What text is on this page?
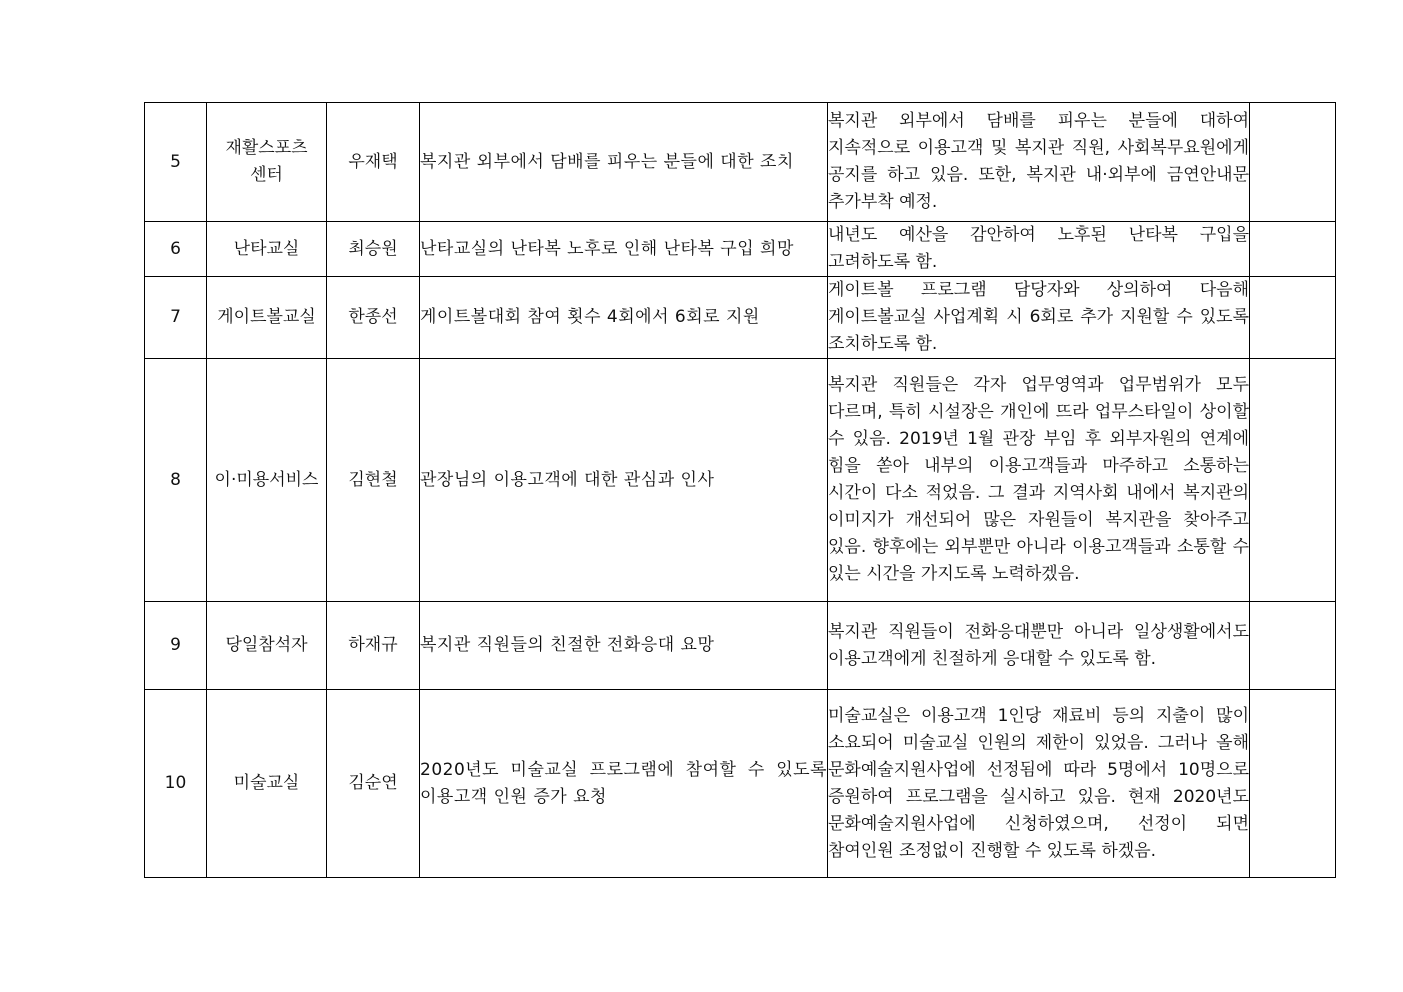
5	재활스포츠 센터	우재택	복지관 외부에서 담배를 피우는 분들에 대한 조치	복지관 외부에서 담배를 피우는 분들에 대하여 지속적으로 이용고객 및 복지관 직원, 사회복무요원에게 공지를 하고 있음. 또한, 복지관 내·외부에 금연안내문 추가부착 예정.	

6	난타교실	최승원	난타교실의 난타복 노후로 인해 난타복 구입 희망	내년도 예산을 감안하여 노후된 난타복 구입을 고려하도록 함.	

7	게이트볼교실	한종선	게이트볼대회 참여 횟수 4회에서 6회로 지원	게이트볼 프로그램 담당자와 상의하여 다음해 게이트볼교실 사업계획 시 6회로 추가 지원할 수 있도록 조치하도록 함.	

8	이·미용서비스	김현철	관장님의 이용고객에 대한 관심과 인사	복지관 직원들은 각자 업무영역과 업무범위가 모두 다르며, 특히 시설장은 개인에 뜨라 업무스타일이 상이할 수 있음. 2019년 1월 관장 부임 후 외부자원의 연계에 힘을 쏟아 내부의 이용고객들과 마주하고 소통하는 시간이 다소 적었음. 그 결과 지역사회 내에서 복지관의 이미지가 개선되어 많은 자원들이 복지관을 찾아주고 있음. 향후에는 외부뿐만 아니라 이용고객들과 소통할 수 있는 시간을 가지도록 노력하겠음.	

9	당일참석자	하재규	복지관 직원들의 친절한 전화응대 요망	복지관 직원들이 전화응대뿐만 아니라 일상생활에서도 이용고객에게 친절하게 응대할 수 있도록 함.	

10	미술교실	김순연	2020년도 미술교실 프로그램에 참여할 수 있도록 이용고객 인원 증가 요청	미술교실은 이용고객 1인당 재료비 등의 지출이 많이 소요되어 미술교실 인원의 제한이 있었음. 그러나 올해 문화예술지원사업에 선정됨에 따라 5명에서 10명으로 증원하여 프로그램을 실시하고 있음. 현재 2020년도 문화예술지원사업에 신청하였으며, 선정이 되면 참여인원 조정없이 진행할 수 있도록 하겠음.	
